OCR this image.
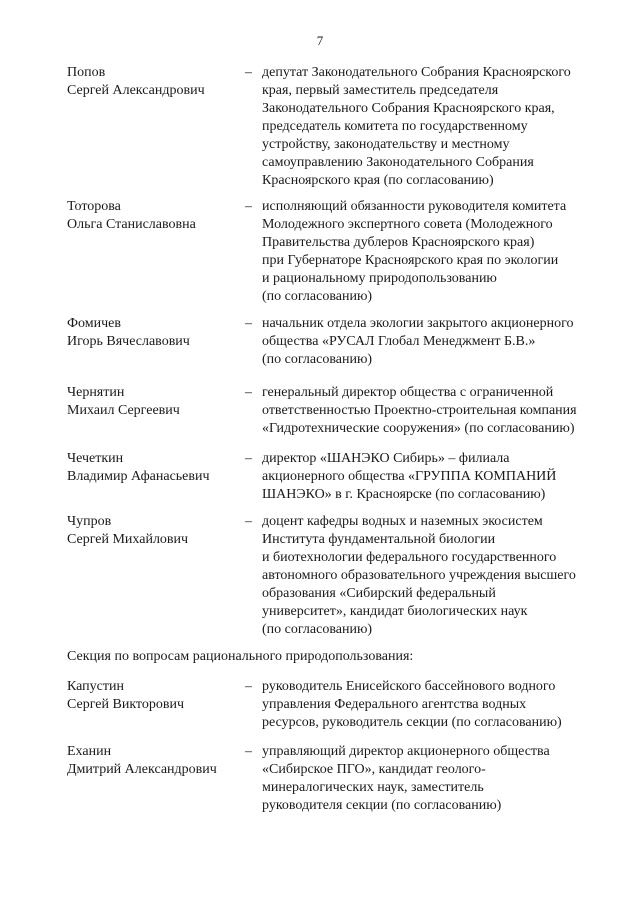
7
Попов
Сергей Александрович
– депутат Законодательного Собрания Красноярского
края, первый заместитель председателя
Законодательного Собрания Красноярского края,
председатель комитета по государственному
устройству, законодательству и местному
самоуправлению Законодательного Собрания
Красноярского края (по согласованию)
Тоторова
Ольга Станиславовна
– исполняющий обязанности руководителя комитета
Молодежного экспертного совета (Молодежного
Правительства дублеров Красноярского края)
при Губернаторе Красноярского края по экологии
и рациональному природопользованию
(по согласованию)
Фомичев
Игорь Вячеславович
– начальник отдела экологии закрытого акционерного
общества «РУСАЛ Глобал Менеджмент Б.В.»
(по согласованию)
Чернятин
Михаил Сергеевич
– генеральный директор общества с ограниченной
ответственностью Проектно-строительная компания
«Гидротехнические сооружения» (по согласованию)
Чечеткин
Владимир Афанасьевич
– директор «ШАНЭКО Сибирь» – филиала
акционерного общества «ГРУППА КОМПАНИЙ
ШАНЭКО» в г. Красноярске (по согласованию)
Чупров
Сергей Михайлович
– доцент кафедры водных и наземных экосистем
Института фундаментальной биологии
и биотехнологии федерального государственного
автономного образовательного учреждения высшего
образования «Сибирский федеральный
университет», кандидат биологических наук
(по согласованию)
Секция по вопросам рационального природопользования:
Капустин
Сергей Викторович
– руководитель Енисейского бассейнового водного
управления Федерального агентства водных
ресурсов, руководитель секции (по согласованию)
Еханин
Дмитрий Александрович
– управляющий директор акционерного общества
«Сибирское ПГО», кандидат геолого-
минералогических наук, заместитель
руководителя секции (по согласованию)
